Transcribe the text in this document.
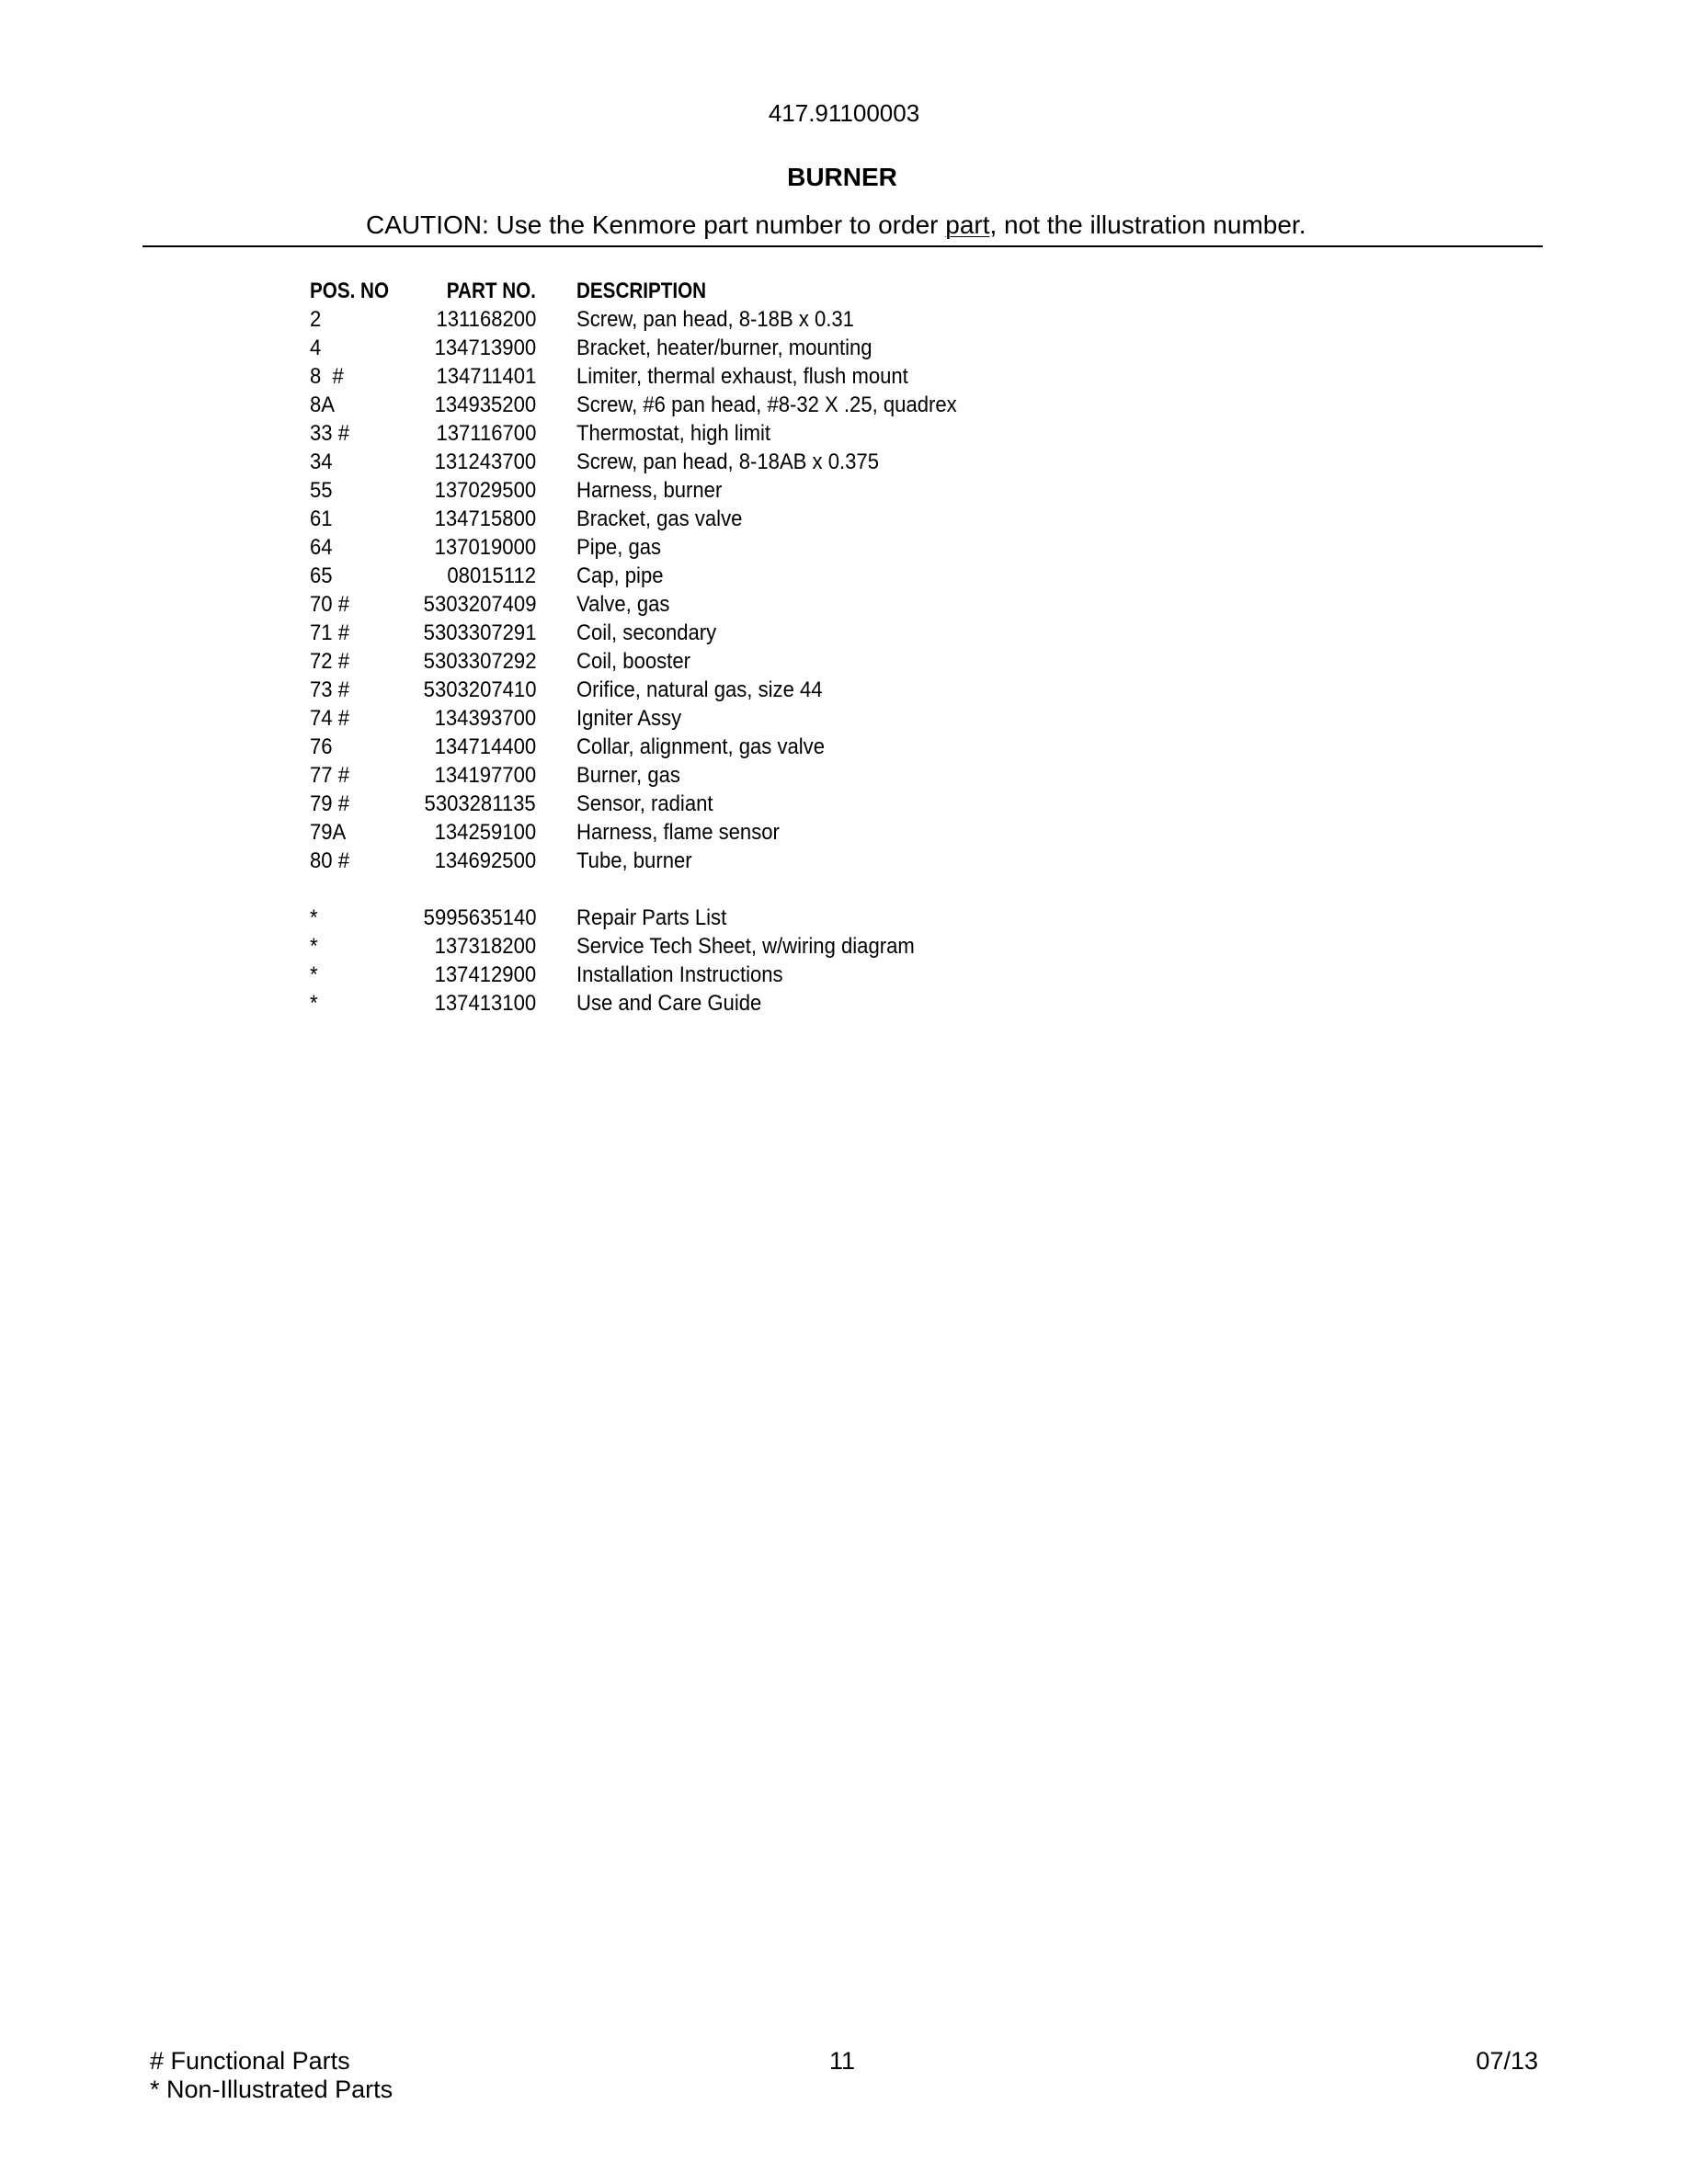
417.91100003
BURNER
CAUTION: Use the Kenmore part number to order part, not the illustration number.
POS. NO	PART NO. DESCRIPTION
2	131168200 Screw, pan head, 8-18B x 0.31
4	134713900 Bracket, heater/burner, mounting
8  #	134711401 Limiter, thermal exhaust, flush mount
8A	134935200 Screw, #6 pan head, #8-32 X .25, quadrex
33 #	137116700 Thermostat, high limit
34	131243700 Screw, pan head, 8-18AB x 0.375
55	137029500 Harness, burner
61	134715800 Bracket, gas valve
64	137019000 Pipe, gas
65	08015112 Cap, pipe
70 #	5303207409 Valve, gas
71 #	5303307291 Coil, secondary
72 #	5303307292 Coil, booster
73 #	5303207410 Orifice, natural gas, size 44
74 #	134393700 Igniter Assy
76	134714400 Collar, alignment, gas valve
77 #	134197700 Burner, gas
79 #	5303281135 Sensor, radiant
79A	134259100 Harness, flame sensor
80 #	134692500 Tube, burner
*	5995635140 Repair Parts List
*	137318200 Service Tech Sheet, w/wiring diagram
*	137412900 Installation Instructions
*	137413100 Use and Care Guide
# Functional Parts
* Non-Illustrated Parts
11	07/13
